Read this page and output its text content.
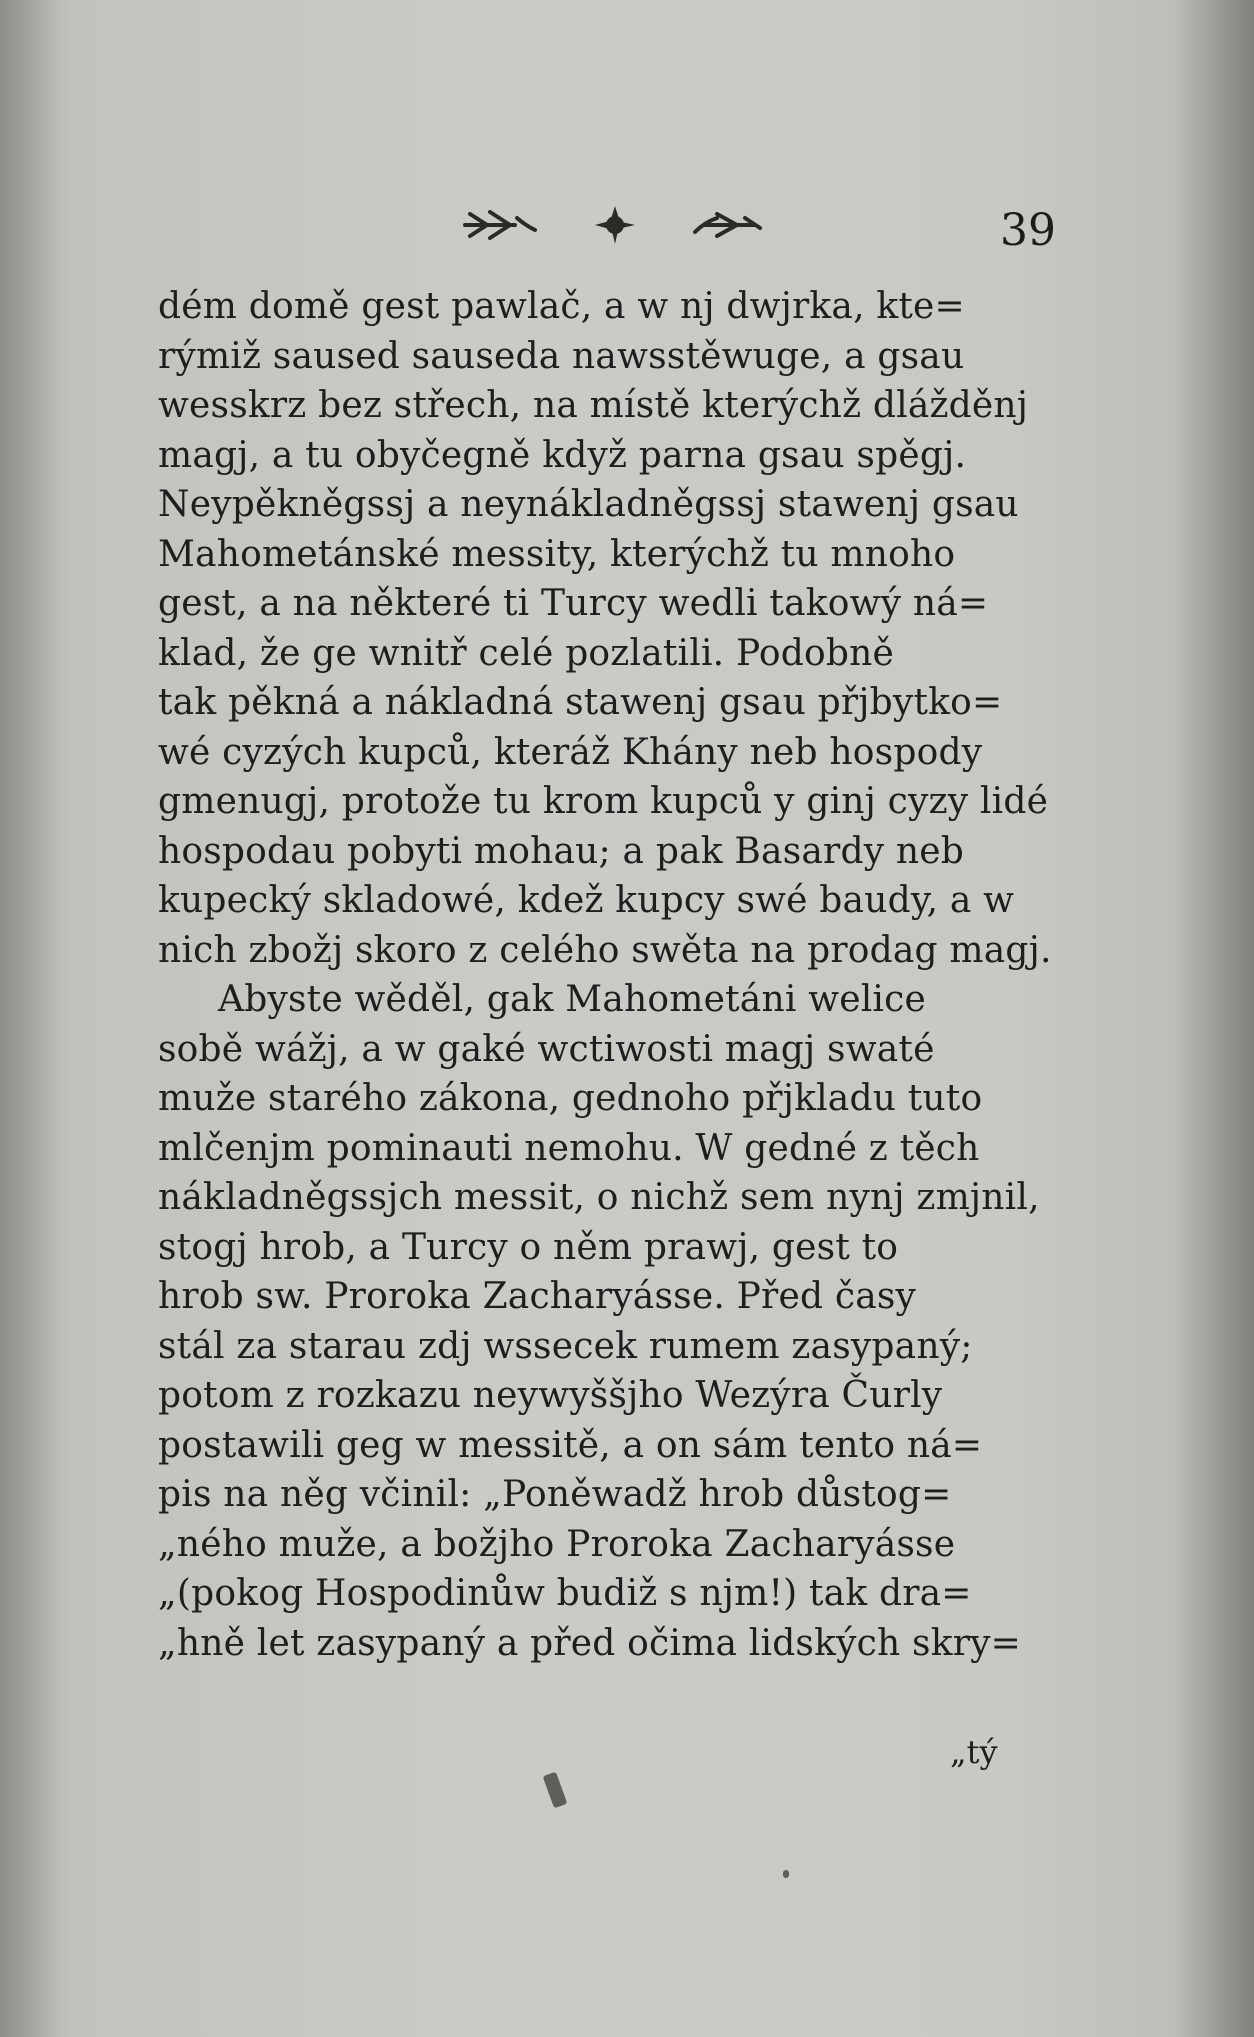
39
dém domě gest pawlač, a w nj dwjrka, kte=
rýmiž saused sauseda nawsstěwuge, a gsau
wesskrz bez střech, na místě kterýchž dlážděnj
magj, a tu obyčegně když parna gsau spěgj.
Neypěkněgssj a neynákladněgssj stawenj gsau
Mahometánské messity, kterýchž tu mnoho
gest, a na některé ti Turcy wedli takowý ná=
klad, že ge wnitř celé pozlatili. Podobně
tak pěkná a nákladná stawenj gsau přjbytko=
wé cyzých kupců, kteráž Khány neb hospody
gmenugj, protože tu krom kupců y ginj cyzy lidé
hospodau pobyti mohau; a pak Basardy neb
kupecký skladowé, kdež kupcy swé baudy, a w
nich zbožj skoro z celého swěta na prodag magj.
Abyste wěděl, gak Mahometáni welice
sobě wážj, a w gaké wctiwosti magj swaté
muže starého zákona, gednoho přjkladu tuto
mlčenjm pominauti nemohu. W gedné z těch
nákladněgssjch messit, o nichž sem nynj zmjnil,
stogj hrob, a Turcy o něm prawj, gest to
hrob sw. Proroka Zacharyásse. Před časy
stál za starau zdj wssecek rumem zasypaný;
potom z rozkazu neywyššjho Wezýra Čurly
postawili geg w messitě, a on sám tento ná=
pis na něg včinil: „Poněwadž hrob důstog=
„ného muže, a božjho Proroka Zacharyásse
„(pokog Hospodinůw budiž s njm!) tak dra=
„hně let zasypaný a před očima lidských skry=
„tý
